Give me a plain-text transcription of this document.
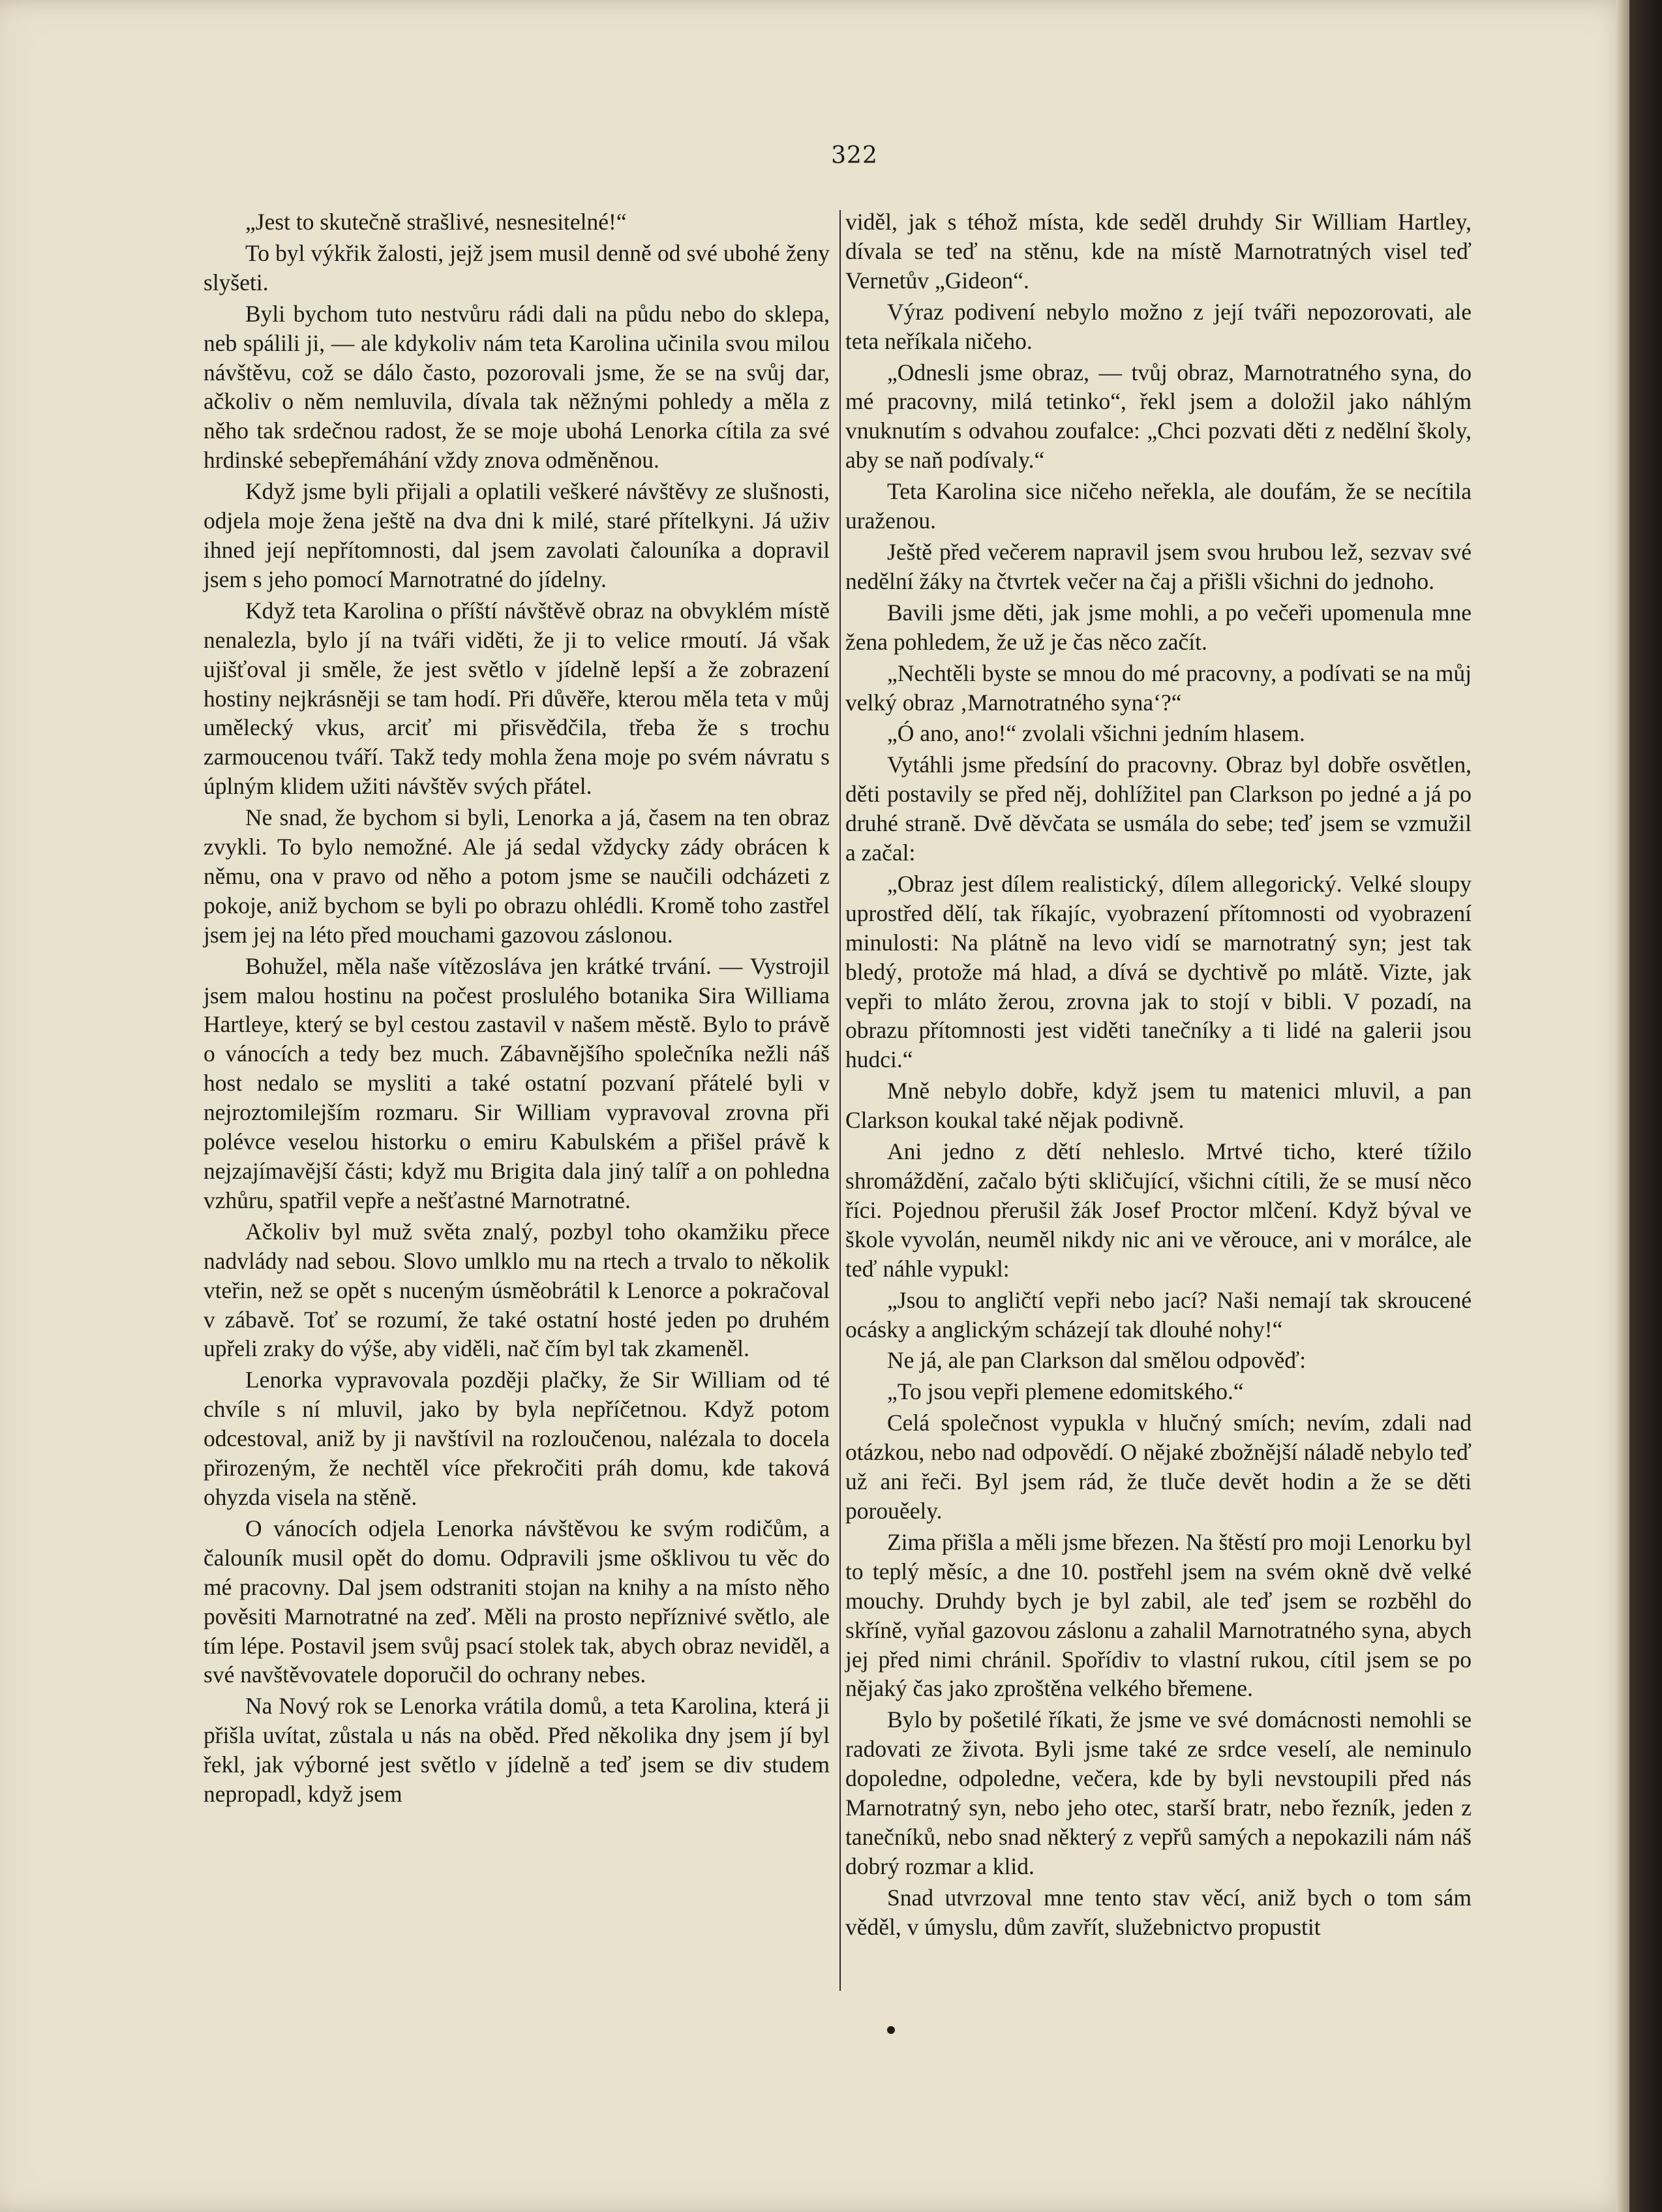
322

„Jest to skutečně strašlivé, nesnesitelné!“

To byl výkřik žalosti, jejž jsem musil denně od své ubohé ženy slyšeti.

Byli bychom tuto nestvůru rádi dali na půdu nebo do sklepa, neb spálili ji, — ale kdykoliv nám teta Karolina učinila svou milou návštěvu, což se dálo často, pozorovali jsme, že se na svůj dar, ačkoliv o něm nemluvila, dívala tak něžnými pohledy a měla z něho tak srdečnou radost, že se moje ubohá Lenorka cítila za své hrdinské sebepřemáhání vždy znova odměněnou.

Když jsme byli přijali a oplatili veškeré návštěvy ze slušnosti, odjela moje žena ještě na dva dni k milé, staré přítelkyni. Já uživ ihned její nepřítomnosti, dal jsem zavolati čalouníka a dopravil jsem s jeho pomocí Marnotratné do jídelny.

Když teta Karolina o příští návštěvě obraz na obvyklém místě nenalezla, bylo jí na tváři viděti, že ji to velice rmoutí. Já však ujišťoval ji směle, že jest světlo v jídelně lepší a že zobrazení hostiny nejkrásněji se tam hodí. Při důvěře, kterou měla teta v můj umělecký vkus, arciť mi přisvědčila, třeba že s trochu zarmoucenou tváří. Takž tedy mohla žena moje po svém návratu s úplným klidem užiti návštěv svých přátel.

Ne snad, že bychom si byli, Lenorka a já, časem na ten obraz zvykli. To bylo nemožné. Ale já sedal vždycky zády obrácen k němu, ona v pravo od něho a potom jsme se naučili odcházeti z pokoje, aniž bychom se byli po obrazu ohlédli. Kromě toho zastřel jsem jej na léto před mouchami gazovou záslonou.

Bohužel, měla naše vítězoslávа jen krátké trvání. — Vystrojil jsem malou hostinu na počest proslulého botanika Sira Williama Hartleye, který se byl cestou zastavil v našem městě. Bylo to právě o vánocích a tedy bez much. Zábavnějšího společníka nežli náš host nedalo se mysliti a také ostatní pozvaní přátelé byli v nejroztomilejším rozmaru. Sir William vypravoval zrovna při polévce veselou historku o emiru Kabulském a přišel právě k nejzajímavější části; když mu Brigita dala jiný talíř a on pohledna vzhůru, spatřil vepře a nešťastné Marnotratné.

Ačkoliv byl muž světa znalý, pozbyl toho okamžiku přece nadvlády nad sebou. Slovo umlklo mu na rtech a trvalo to několik vteřin, než se opět s nuceným úsměobrátil k Lenorce a pokračoval v zábavě. Toť se rozumí, že také ostatní hosté jeden po druhém upřeli zraky do výše, aby viděli, nač čím byl tak zkameněl.

Lenorka vypravovala později plačky, že Sir William od té chvíle s ní mluvil, jako by byla nepříčetnou. Když potom odcestoval, aniž by ji navštívil na rozloučenou, nalézala to docela přirozeným, že nechtěl více překročiti práh domu, kde taková ohyzda visela na stěně.

O vánocích odjela Lenorka návštěvou ke svým rodičům, a čalouník musil opět do domu. Odpravili jsme ošklivou tu věc do mé pracovny. Dal jsem odstraniti stojan na knihy a na místo něho pověsiti Marnotratné na zeď. Měli na prosto nepříznivé světlo, ale tím lépe. Postavil jsem svůj psací stolek tak, abych obraz neviděl, a své navštěvovatele doporučil do ochrany nebes.

Na Nový rok se Lenorka vrátila domů, a teta Karolina, která ji přišla uvítat, zůstala u nás na oběd. Před několika dny jsem jí byl řekl, jak výborné jest světlo v jídelně a teď jsem se div studem nepropadl, když jsem

viděl, jak s téhož místa, kde seděl druhdy Sir William Hartley, dívala se teď na stěnu, kde na místě Marnotratných visel teď Vernetův „Gideon“.

Výraz podivení nebylo možno z její tváři nepozorovati, ale teta neříkala ničeho.

„Odnesli jsme obraz, — tvůj obraz, Marnotratného syna, do mé pracovny, milá tetinko“, řekl jsem a doložil jako náhlým vnuknutím s odvahou zoufalce: „Chci pozvati děti z nedělní školy, aby se naň podívaly.“

Teta Karolina sice ničeho neřekla, ale doufám, že se necítila uraženou.

Ještě před večerem napravil jsem svou hrubou lež, sezvav své nedělní žáky na čtvrtek večer na čaj a přišli všichni do jednoho.

Bavili jsme děti, jak jsme mohli, a po večeři upomenula mne žena pohledem, že už je čas něco začít.

„Nechtěli byste se mnou do mé pracovny, a podívati se na můj velký obraz ‚Marnotratného syna‘?“

„Ó ano, ano!“ zvolali všichni jedním hlasem.

Vytáhli jsme předsíní do pracovny. Obraz byl dobře osvětlen, děti postavily se před něj, dohlížitel pan Clarkson po jedné a já po druhé straně. Dvě děvčata se usmála do sebe; teď jsem se vzmužil a začal:

„Obraz jest dílem realistický, dílem allegorický. Velké sloupy uprostřed dělí, tak říkajíc, vyobrazení přítomnosti od vyobrazení minulosti: Na plátně na levo vidí se marnotratný syn; jest tak bledý, protože má hlad, a dívá se dychtivě po mlátě. Vizte, jak vepři to mláto žerou, zrovna jak to stojí v bibli. V pozadí, na obrazu přítomnosti jest viděti tanečníky a ti lidé na galerii jsou hudci.“

Mně nebylo dobře, když jsem tu matenici mluvil, a pan Clarkson koukal také nějak podivně.

Ani jedno z dětí nehleslo. Mrtvé ticho, které tížilo shromáždění, začalo býti skličující, všichni cítili, že se musí něco říci. Pojednou přerušil žák Josef Proctor mlčení. Když býval ve škole vyvolán, neuměl nikdy nic ani ve věrouce, ani v morálce, ale teď náhle vypukl:

„Jsou to angličtí vepři nebo jací? Naši nemají tak skroucené ocásky a anglickým scházejí tak dlouhé nohy!“

Ne já, ale pan Clarkson dal smělou odpověď:

„To jsou vepři plemene edomitského.“

Celá společnost vypukla v hlučný smích; nevím, zdali nad otázkou, nebo nad odpovědí. O nějaké zbožnější náladě nebylo teď už ani řeči. Byl jsem rád, že tluče devět hodin a že se děti porouěely.

Zima přišla a měli jsme březen. Na štěstí pro moji Lenorku byl to teplý měsíc, a dne 10. postřehl jsem na svém okně dvě velké mouchy. Druhdy bych je byl zabil, ale teď jsem se rozběhl do skříně, vyňal gazovou záslonu a zahalil Marnotratného syna, abych jej před nimi chránil. Spořídiv to vlastní rukou, cítil jsem se po nějaký čas jako zproštěna velkého břemene.

Bylo by pošetilé říkati, že jsme ve své domácnosti nemohli se radovati ze života. Byli jsme také ze srdce veselí, ale neminulo dopoledne, odpoledne, večera, kde by byli nevstoupili před nás Marnotratný syn, nebo jeho otec, starší bratr, nebo řezník, jeden z tanečníků, nebo snad některý z vepřů samých a nepokazili nám náš dobrý rozmar a klid.

Snad utvrzoval mne tento stav věcí, aniž bych o tom sám věděl, v úmyslu, dům zavřít, služebnictvo propustit
